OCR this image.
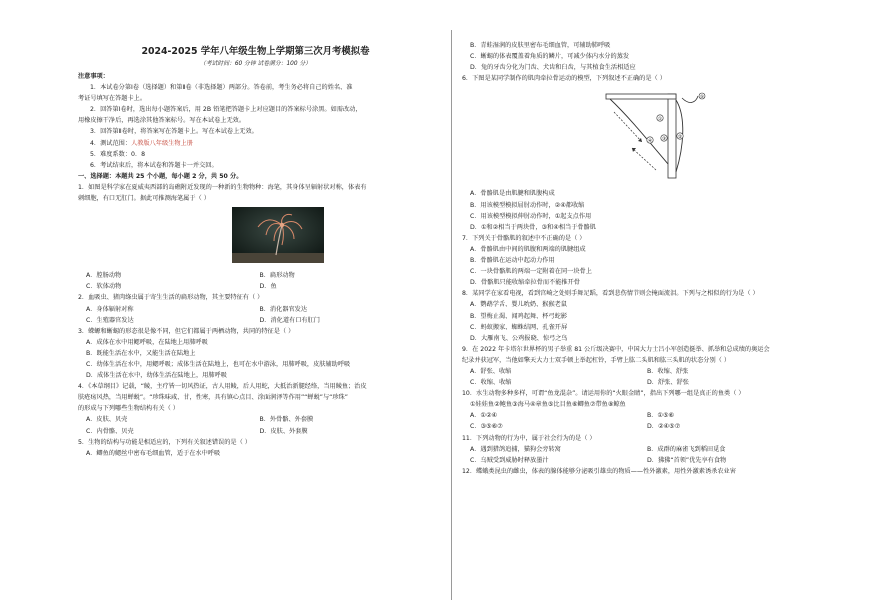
2024-2025 学年八年级生物上学期第三次月考模拟卷
（考试时间：60 分钟 试卷满分：100 分）

注意事项：

1．本试卷分第Ⅰ卷（选择题）和第Ⅱ卷（非选择题）两部分。答卷前，考生务必将自己的姓名、准

考证号填写在答题卡上。

2．回答第Ⅰ卷时，选出每小题答案后，用 2B 铅笔把答题卡上对应题目的答案标号涂黑。如需改动，

用橡皮擦干净后，再选涂其他答案标号。写在本试卷上无效。

3．回答第Ⅱ卷时，将答案写在答题卡上。写在本试卷上无效。

4．测试范围：人教版八年级生物上册

5．难度系数：0．8

6．考试结束后，将本试卷和答题卡一并交回。

一、选择题：本题共 25 个小题，每小题 2 分，共 50 分。

1．如图是科学家在夏威夷西部的岛礁附近发现的一种新的生物物种：海笔，其身体呈辐射状对称，体表有

刺细胞，有口无肛门。据此可推测海笔属于（ ）

A．腔肠动物	B．扁形动物
C．软体动物	D．鱼

2．血吸虫、猪肉绦虫属于寄生生活的扁形动物，其主要特征有（ ）

A．身体辐射对称	B．消化器官发达
C．生殖器官发达	D．消化道有口有肛门

3．蝾螈和蜥蜴的形态很是像不同，但它们都属于两栖动物，共同的特征是（ ）

A．成体在水中用鳃呼吸，在陆地上用肺呼吸

B．既能生活在水中，又能生活在陆地上

C．幼体生活在水中，用鳃呼吸；成体生活在陆地上，也可在水中游泳，用肺呼吸，皮肤辅助呼吸

D．成体生活在水中，幼体生活在陆地上，用肺呼吸

4．《本草纲目》记载，“鲮，主疗皆一切风热证，古人用鲮，后人用蛇，大抵治新腿经络，当用鲮鱼；治皮

肤疮疡风热，当用蝉蜕”。“珍珠味咸、甘，性寒，具有镇心点目、涂面润泽等作用”“蝉蜕”与“珍珠”

的形成与下列哪些生物结构有关（ ）

A．皮肤、贝壳	B．外骨骼、外套膜
C．内骨骼、贝壳	D．皮肤、外套膜

5．生物的结构与功能是相适应的，下列有关叙述错误的是（ ）

A．鲫鱼的鳃丝中密布毛细血管，适于在水中呼吸

B．青蛙湿润的皮肤里密布毛细血管，可辅助肺呼吸

C．蜥蜴的体表覆盖着角质的鳞片，可减少体内水分的蒸发

D．兔的牙齿分化为门齿、犬齿和臼齿，与其植食生活相适应

6．下图是某同学制作的肌肉牵拉骨运动的模型，下列叙述不正确的是（ ）

①
②
③
④
⑤

A．骨骼肌是由肌腱和肌腹构成

B．用该模型模拟屈肘动作时，②④都收缩

C．用该模型模拟伸肘动作时，①起支点作用

D．①和②相当于两块骨，③和④相当于骨骼肌

7．下列关于骨骼肌的叙述中不正确的是（ ）

A．骨骼肌由中间的肌腹和两端的肌腱组成

B．骨骼肌在运动中起动力作用

C．一块骨骼肌的两端一定附着在同一块骨上

D．骨骼肌只能收缩牵拉骨而不能推开骨

8．某同学在家看电视，看到宫崎之处则手舞足蹈，看到悲伤情节则会掩面流泪。下列与之相似的行为是（ ）

A．鹦鹉学舌、婴儿吮奶、猴猴老鼠

B．望梅止渴、闻鸡起舞、杯弓蛇影

C．蚂蚁搬家、蜘蛛结网、孔雀开屏

D．大雁南飞、公鸡报晓、惊弓之鸟

9．在 2022 年卡塔尔世界杯的男子举重 81 公斤级决赛中，中国大力士吕小军创造挺举、抓举和总成绩的奥运会

纪录并获冠军，当他如擎天大力士双手顿上举起杠铃，手臂上肱二头肌和肱三头肌的状态分别（ ）

A．舒张、收缩	B．收缩、舒张
C．收缩、收缩	D．舒张、舒张

10．水生动物多种多样，可谓“鱼龙混杂”。请运用你的“火眼金睛”，指出下列哪一组是真正的鱼类（ ）

①娃娃鱼②鲍鱼③海马④章鱼⑤比目鱼⑥鲫鱼⑦带鱼⑧鲸鱼

A．①②④	B．①⑤⑥
C．③⑤⑥⑦	D．②④⑤⑦

11．下列动物的行为中，属于社会行为的是（ ）

A．遇到猎鸽追捕，猫狗会旁转窝	B．成群的麻雀飞到稻田觅食
C．乌贼受到威胁时释放墨汁	D．狒狒“首领”优先享有食物

12．蝶蛾类昆虫的雌虫，体表的腺体能够分泌吸引雄虫的物质——性外激素，用性外激素诱杀农业害
